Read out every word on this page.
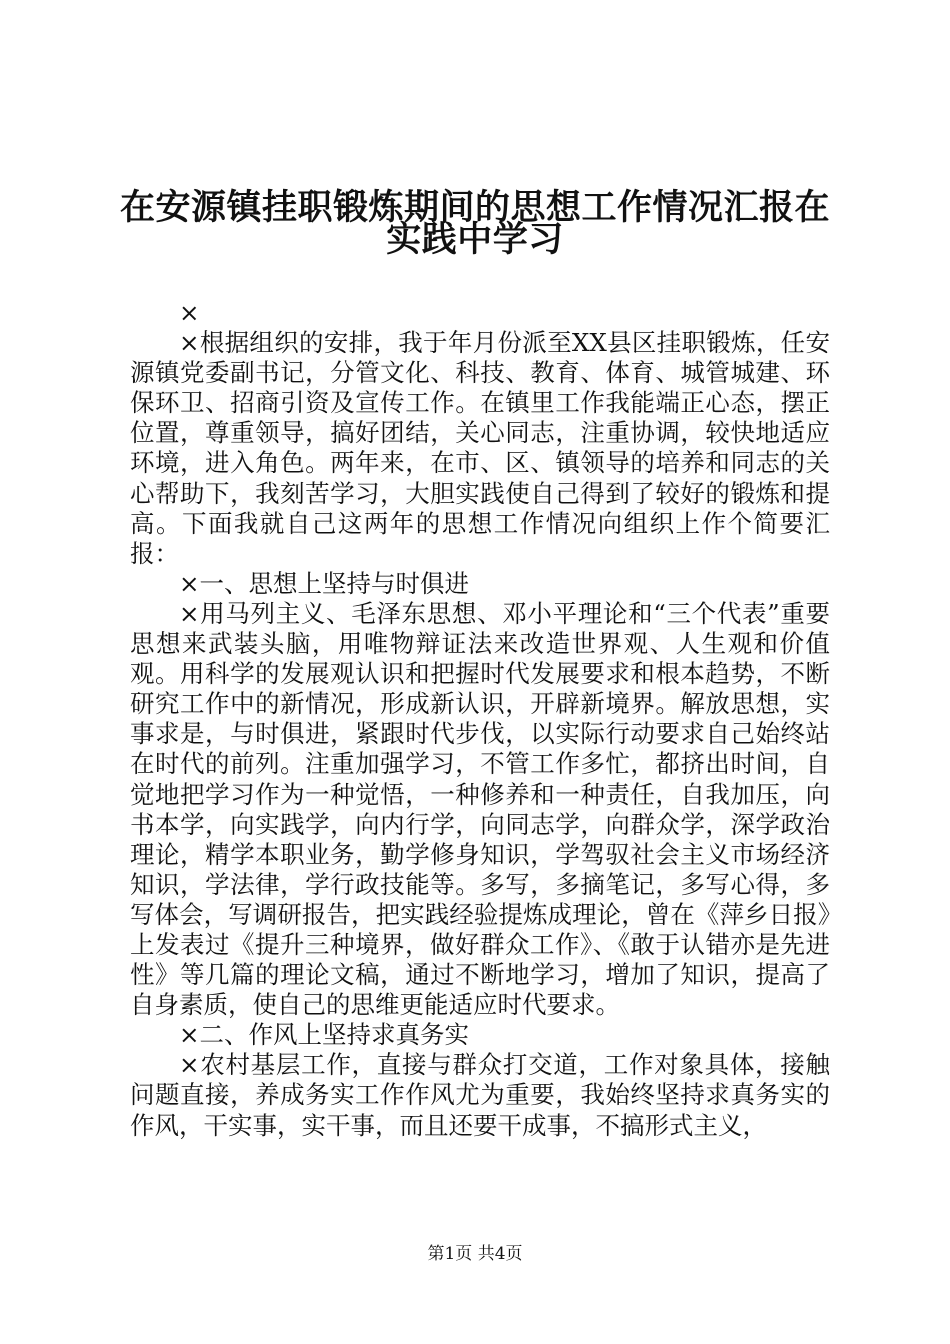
在安源镇挂职锻炼期间的思想工作情况汇报在
实践中学习

×

×根据组织的安排，我于年月份派至XX县区挂职锻炼，任安源镇党委副书记，分管文化、科技、教育、体育、城管城建、环保环卫、招商引资及宣传工作。在镇里工作我能端正心态，摆正位置，尊重领导，搞好团结，关心同志，注重协调，较快地适应环境，进入角色。两年来，在市、区、镇领导的培养和同志的关心帮助下，我刻苦学习，大胆实践使自己得到了较好的锻炼和提高。下面我就自己这两年的思想工作情况向组织上作个简要汇报：

×一、思想上坚持与时俱进

×用马列主义、毛泽东思想、邓小平理论和“三个代表”重要思想来武装头脑，用唯物辩证法来改造世界观、人生观和价值观。用科学的发展观认识和把握时代发展要求和根本趋势，不断研究工作中的新情况，形成新认识，开辟新境界。解放思想，实事求是，与时俱进，紧跟时代步伐，以实际行动要求自己始终站在时代的前列。注重加强学习，不管工作多忙，都挤出时间，自觉地把学习作为一种觉悟，一种修养和一种责任，自我加压，向书本学，向实践学，向内行学，向同志学，向群众学，深学政治理论，精学本职业务，勤学修身知识，学驾驭社会主义市场经济知识，学法律，学行政技能等。多写，多摘笔记，多写心得，多写体会，写调研报告，把实践经验提炼成理论，曾在《萍乡日报》上发表过《提升三种境界，做好群众工作》、《敢于认错亦是先进性》等几篇的理论文稿，通过不断地学习，增加了知识，提高了自身素质，使自己的思维更能适应时代要求。

×二、作风上坚持求真务实

×农村基层工作，直接与群众打交道，工作对象具体，接触问题直接，养成务实工作作风尤为重要，我始终坚持求真务实的作风，干实事，实干事，而且还要干成事，不搞形式主义，

第1页 共4页
